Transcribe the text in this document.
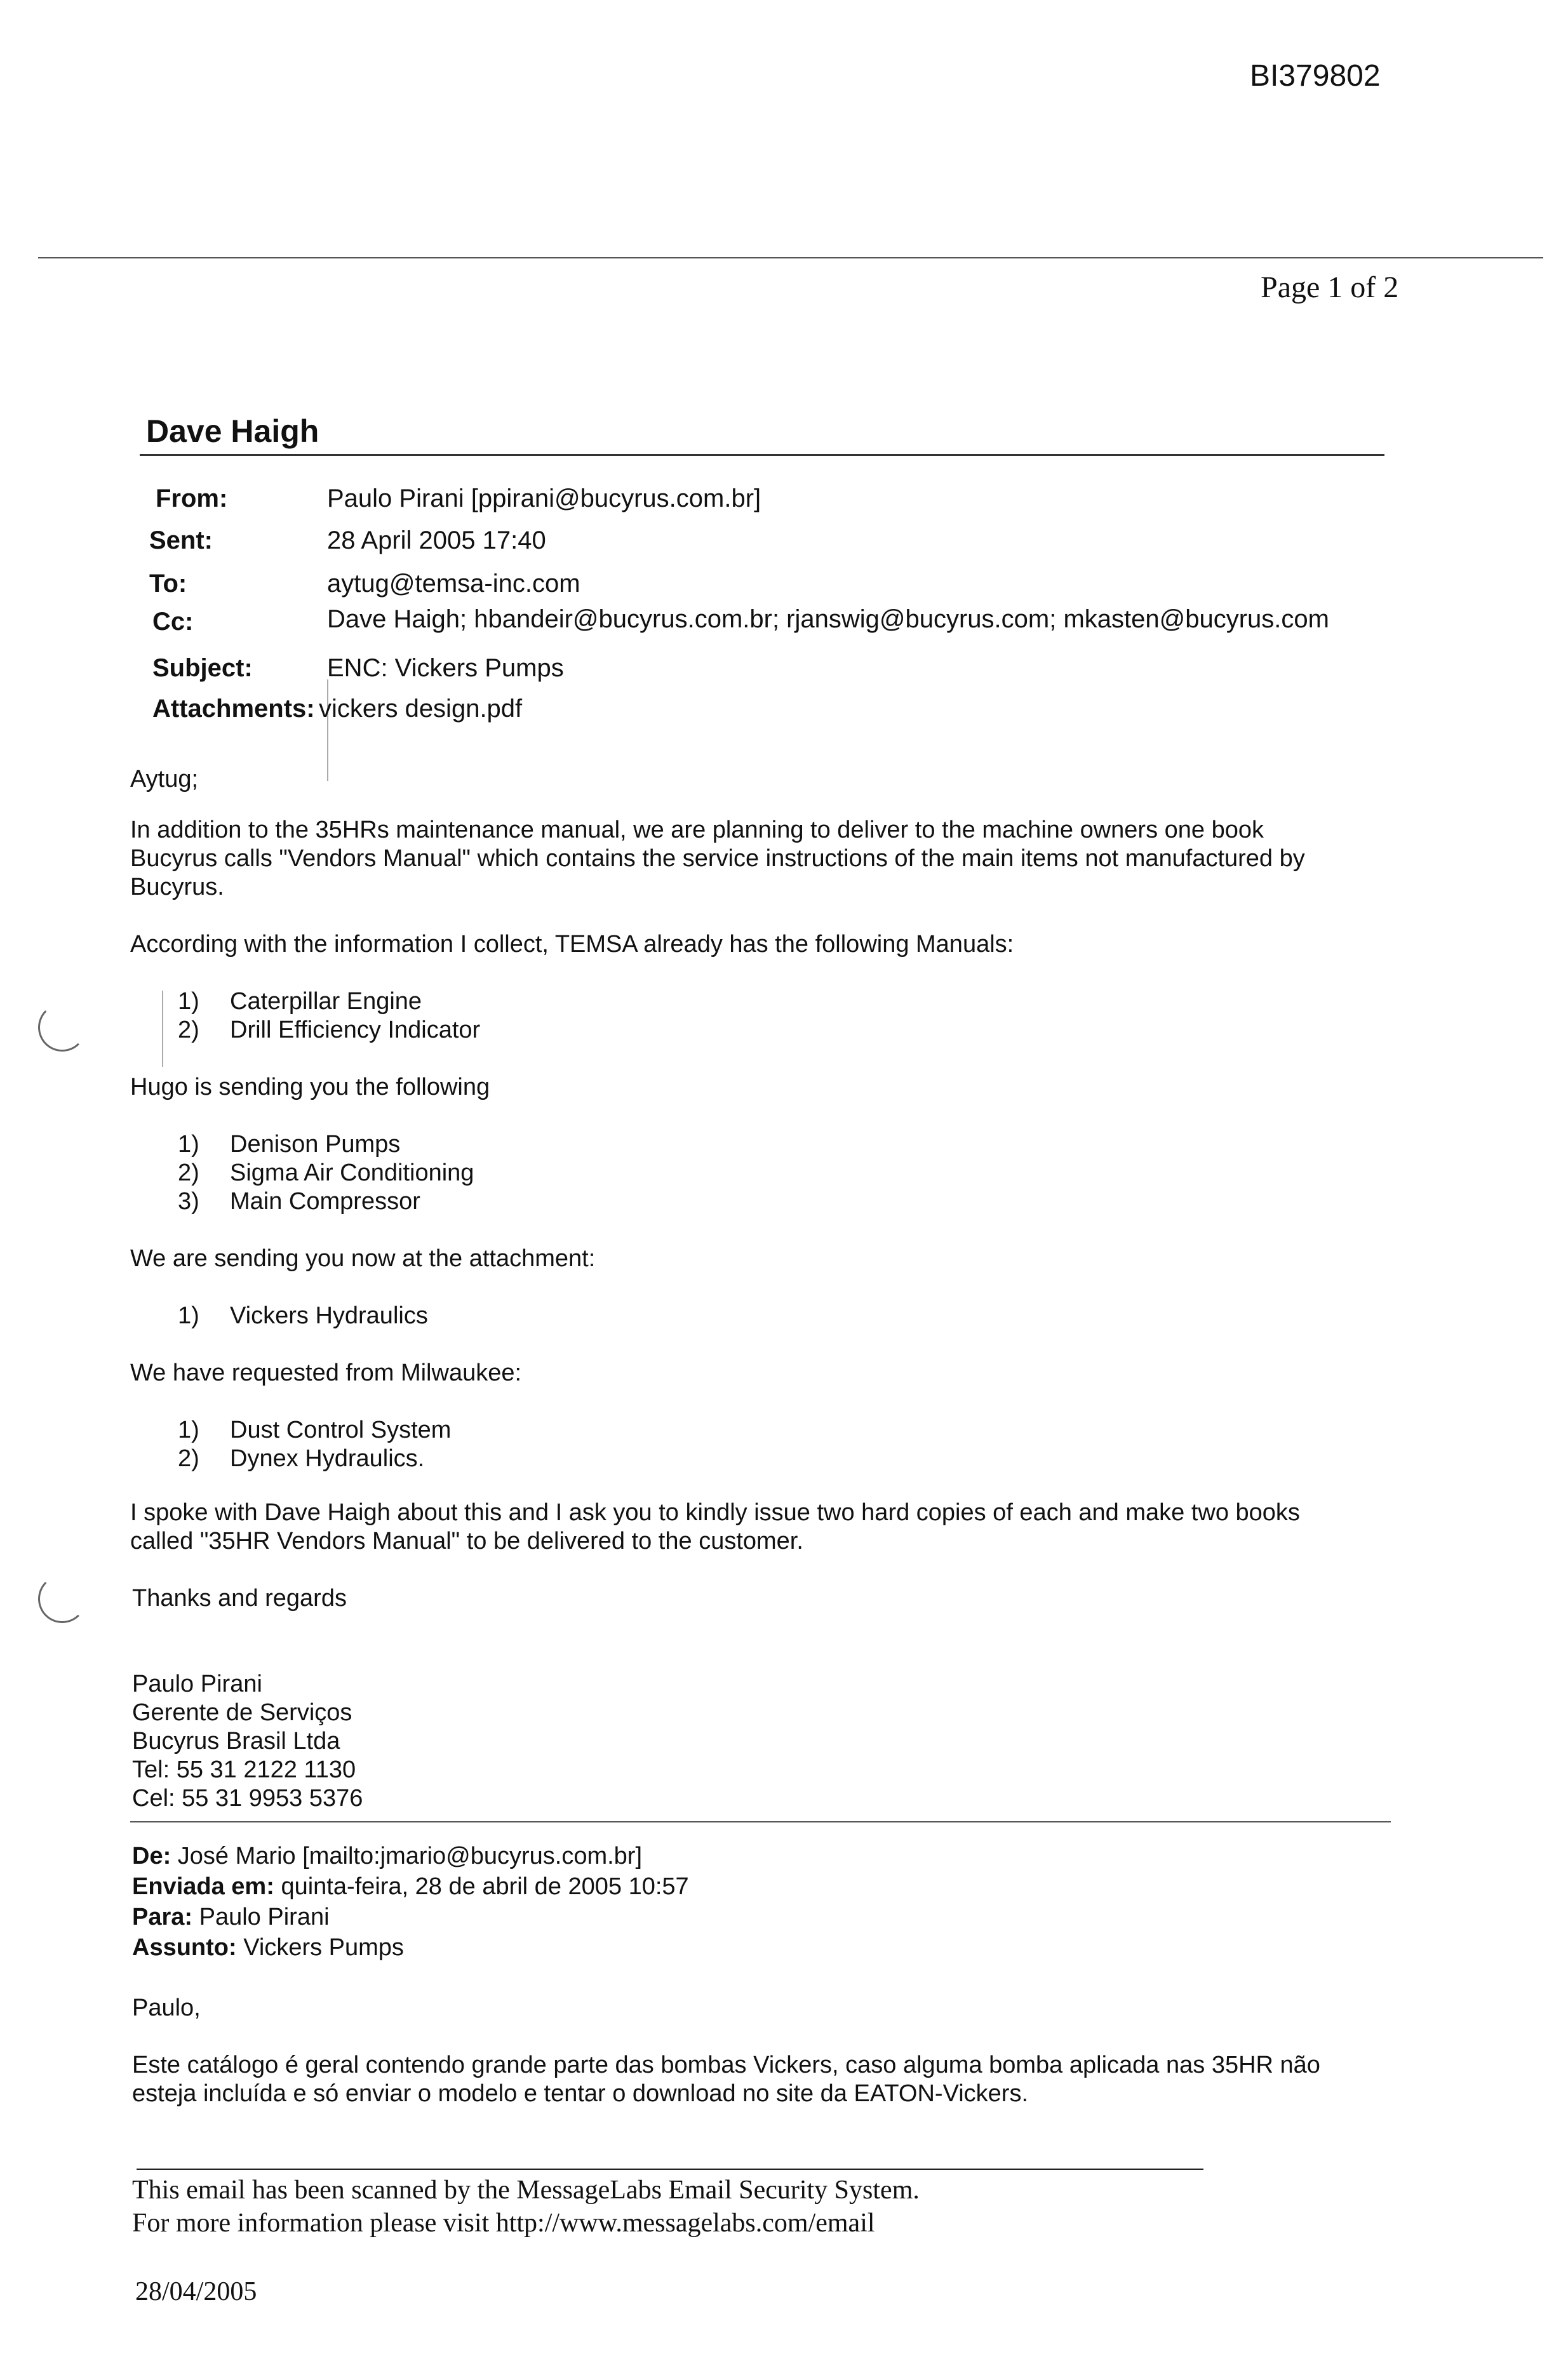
BI379802
Page 1 of 2
Dave Haigh
From:	Paulo Pirani [ppirani@bucyrus.com.br]
Sent:	28 April 2005 17:40
To:	aytug@temsa-inc.com
Cc:	Dave Haigh; hbandeir@bucyrus.com.br; rjanswig@bucyrus.com; mkasten@bucyrus.com
Subject:	ENC: Vickers Pumps
Attachments: vickers design.pdf
Aytug;
In addition to the 35HRs maintenance manual, we are planning to deliver to the machine owners one book
Bucyrus calls "Vendors Manual" which contains the service instructions of the main items not manufactured by
Bucyrus.
According with the information I collect, TEMSA already has the following Manuals:
1) Caterpillar Engine
2) Drill Efficiency Indicator
Hugo is sending you the following
1) Denison Pumps
2) Sigma Air Conditioning
3) Main Compressor
We are sending you now at the attachment:
1) Vickers Hydraulics
We have requested from Milwaukee:
1) Dust Control System
2) Dynex Hydraulics.
I spoke with Dave Haigh about this and I ask you to kindly issue two hard copies of each and make two books
called "35HR Vendors Manual" to be delivered to the customer.
Thanks and regards
Paulo Pirani
Gerente de Serviços
Bucyrus Brasil Ltda
Tel: 55 31 2122 1130
Cel: 55 31 9953 5376
De: José Mario [mailto:jmario@bucyrus.com.br]
Enviada em: quinta-feira, 28 de abril de 2005 10:57
Para: Paulo Pirani
Assunto: Vickers Pumps
Paulo,
Este catálogo é geral contendo grande parte das bombas Vickers, caso alguma bomba aplicada nas 35HR não
esteja incluída e só enviar o modelo e tentar o download no site da EATON-Vickers.
This email has been scanned by the MessageLabs Email Security System.
For more information please visit http://www.messagelabs.com/email
28/04/2005
